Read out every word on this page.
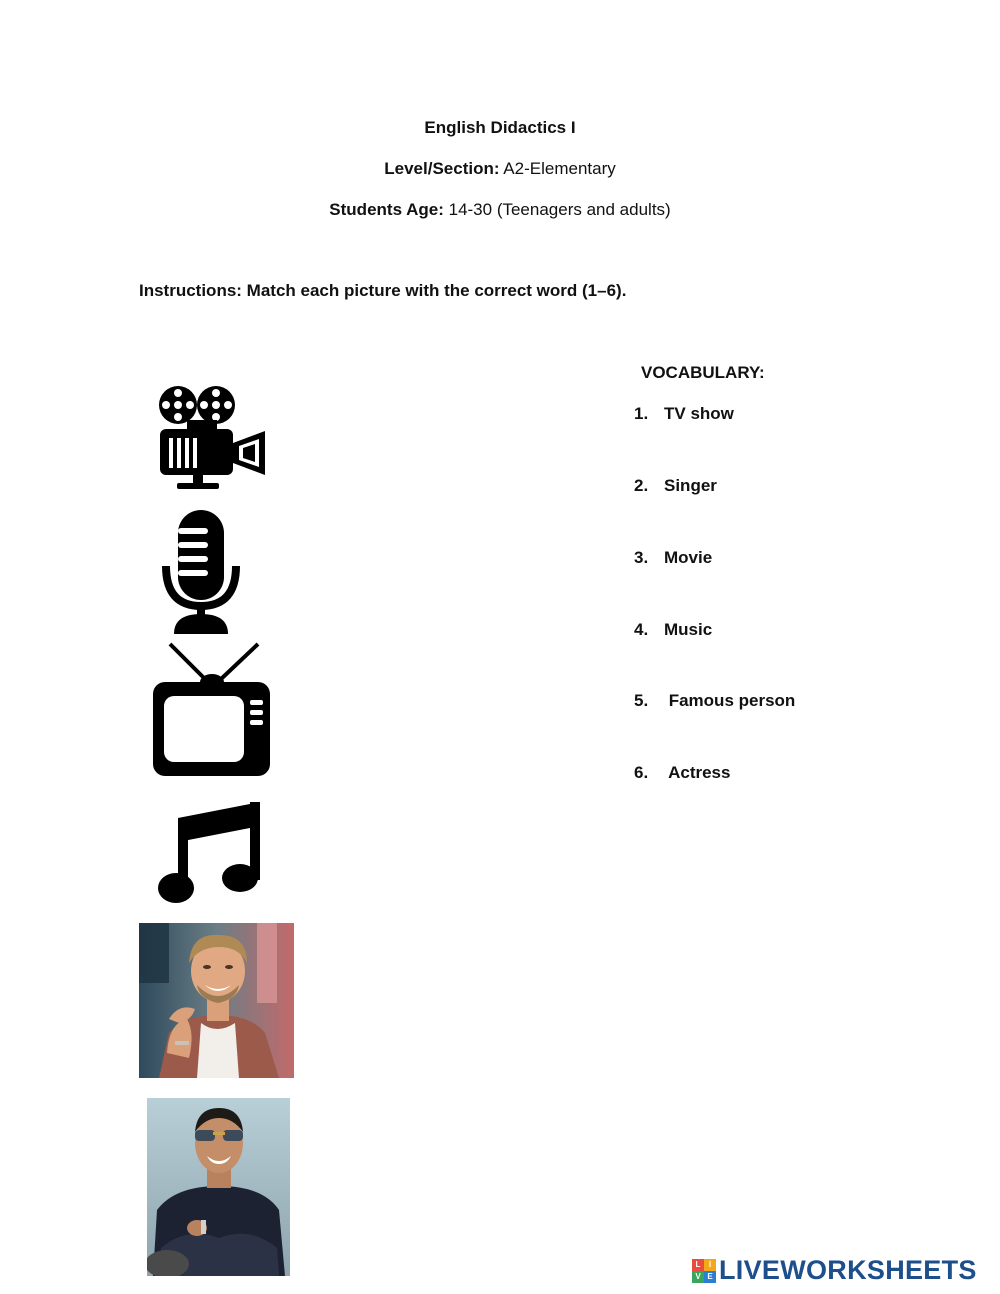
English Didactics I
Level/Section: A2-Elementary
Students Age: 14-30 (Teenagers and adults)
Instructions: Match each picture with the correct word (1–6).
VOCABULARY:
1. TV show
2. Singer
3. Movie
4. Music
5. Famous person
6. Actress
L	I
V E LIVEWORKSHEETS
